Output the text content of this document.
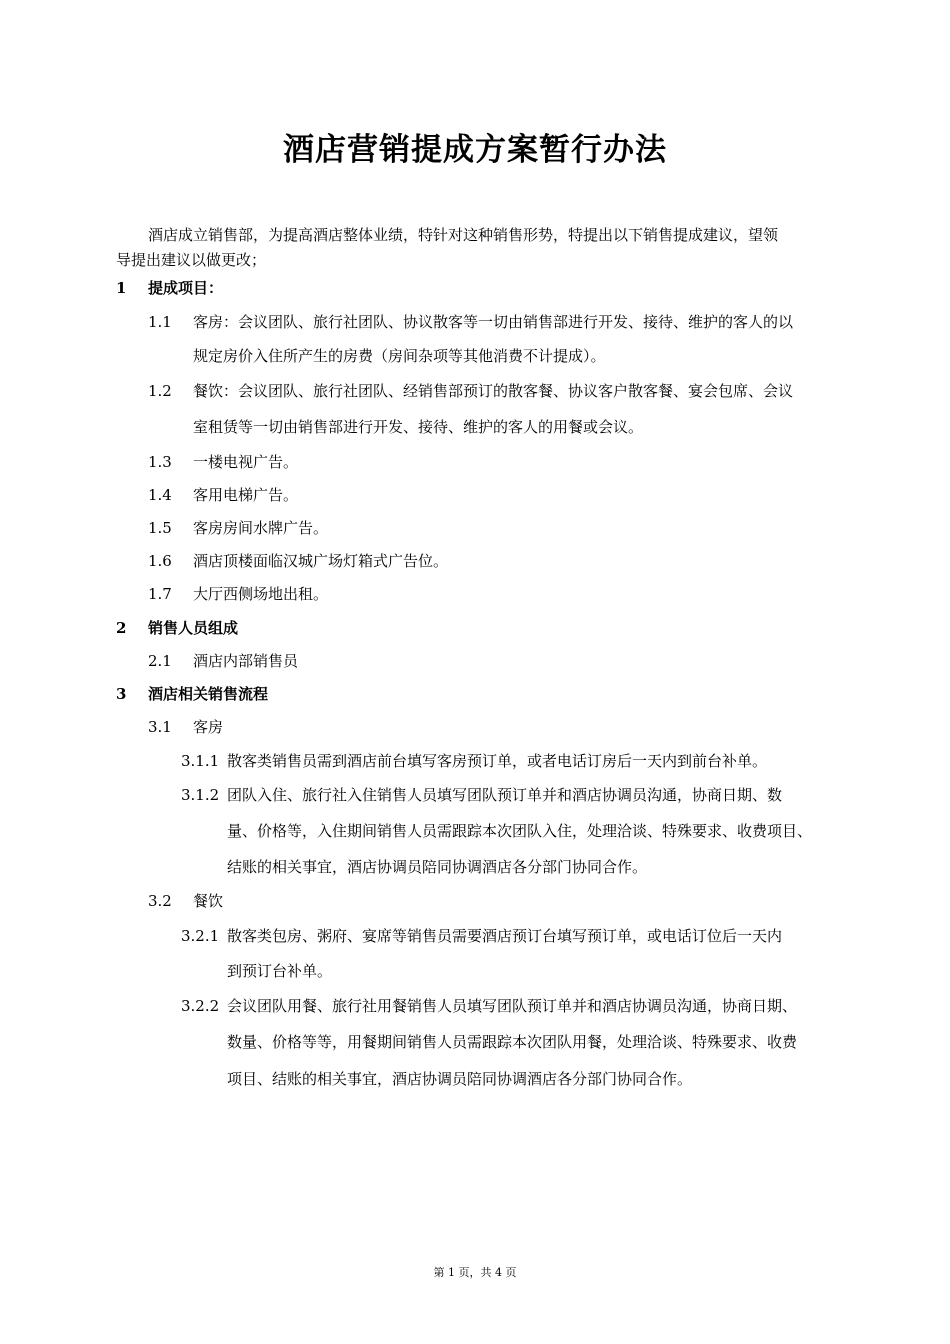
酒店营销提成方案暂行办法
酒店成立销售部，为提高酒店整体业绩，特针对这种销售形势，特提出以下销售提成建议，望领
导提出建议以做更改；
1 提成项目：
1.1 客房：会议团队、旅行社团队、协议散客等一切由销售部进行开发、接待、维护的客人的以
规定房价入住所产生的房费（房间杂项等其他消费不计提成）。
1.2 餐饮：会议团队、旅行社团队、经销售部预订的散客餐、协议客户散客餐、宴会包席、会议
室租赁等一切由销售部进行开发、接待、维护的客人的用餐或会议。
1.3 一楼电视广告。
1.4 客用电梯广告。
1.5 客房房间水牌广告。
1.6 酒店顶楼面临汉城广场灯箱式广告位。
1.7 大厅西侧场地出租。
2 销售人员组成
2.1 酒店内部销售员
3 酒店相关销售流程
3.1 客房
3.1.1 散客类销售员需到酒店前台填写客房预订单，或者电话订房后一天内到前台补单。
3.1.2 团队入住、旅行社入住销售人员填写团队预订单并和酒店协调员沟通，协商日期、数
量、价格等，入住期间销售人员需跟踪本次团队入住，处理洽谈、特殊要求、收费项目、
结账的相关事宜，酒店协调员陪同协调酒店各分部门协同合作。
3.2 餐饮
3.2.1 散客类包房、粥府、宴席等销售员需要酒店预订台填写预订单，或电话订位后一天内
到预订台补单。
3.2.2 会议团队用餐、旅行社用餐销售人员填写团队预订单并和酒店协调员沟通，协商日期、
数量、价格等等，用餐期间销售人员需跟踪本次团队用餐，处理洽谈、特殊要求、收费
项目、结账的相关事宜，酒店协调员陪同协调酒店各分部门协同合作。
第 1 页，共 4 页
